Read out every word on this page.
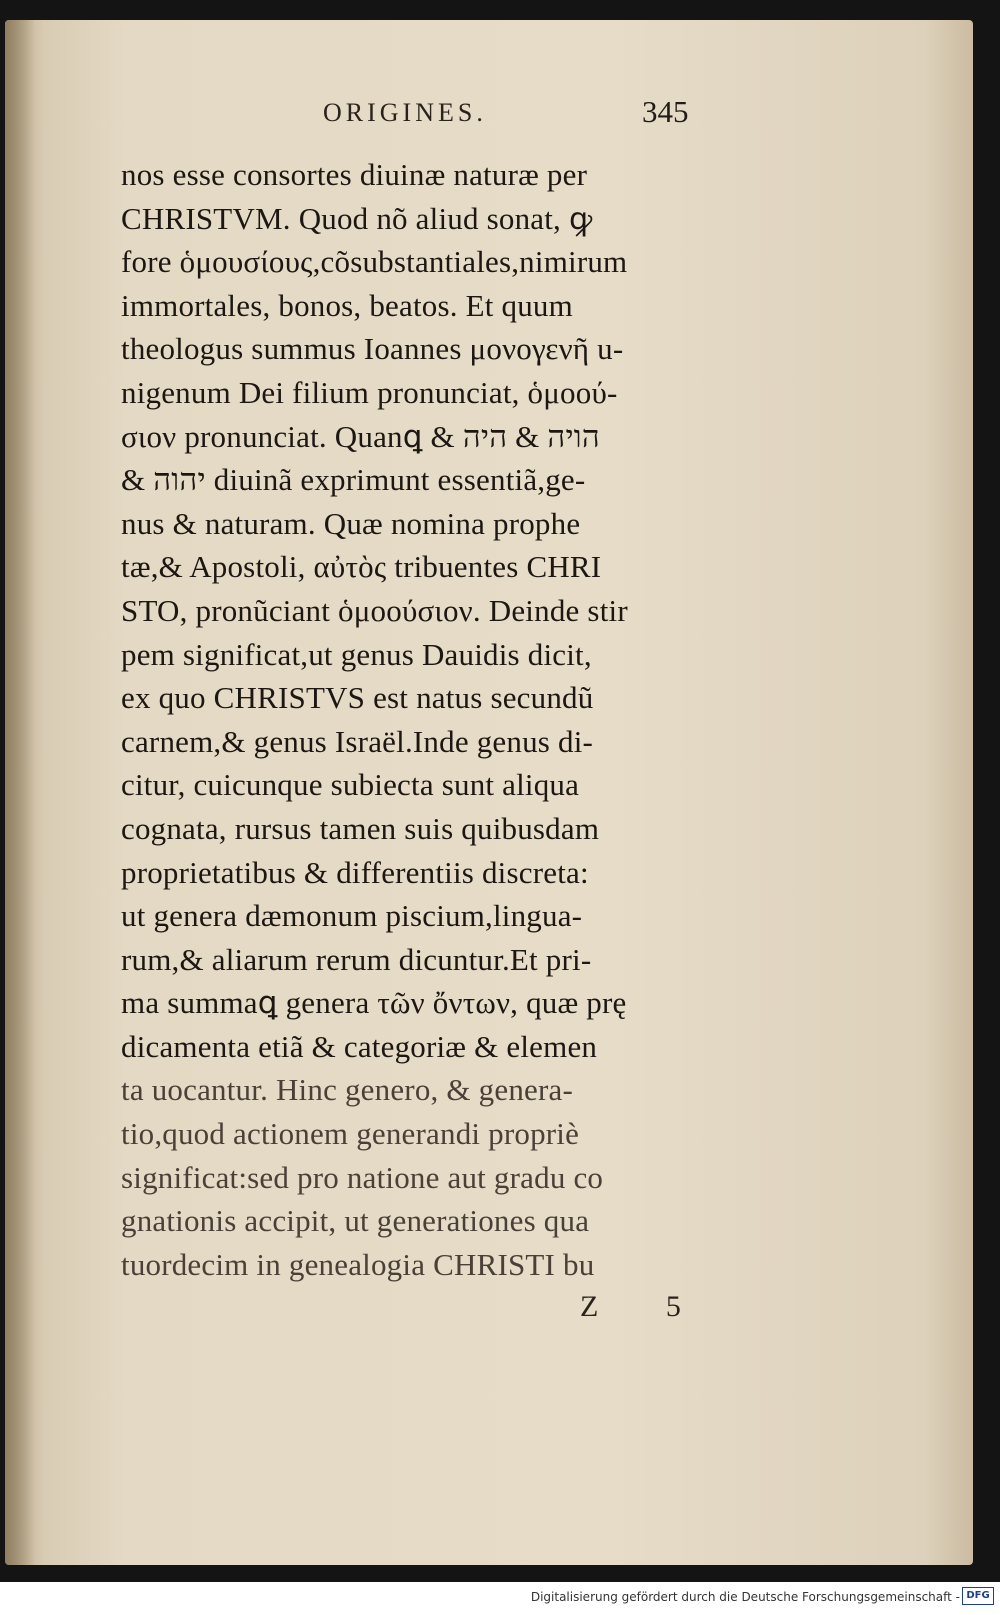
ORIGINES.	345
nos esse consortes diuinæ naturæ per
CHRISTVM. Quod nõ aliud sonat, ꝙ
fore ὁμουσίους,cõsubstantiales,nimirum
immortales, bonos, beatos. Et quum
theologus summus Ioannes μονογενῆ u-
nigenum Dei filium pronunciat, ὁμοού-
σιον pronunciat. Quanꝗ & הויה & היה
& יהוה diuinã exprimunt essentiã,ge-
nus & naturam. Quæ nomina prophe
tæ,& Apostoli, αὐτὸς tribuentes CHRI
STO, pronũciant ὁμοούσιον. Deinde stir
pem significat,ut genus Dauidis dicit,
ex quo CHRISTVS est natus secundũ
carnem,& genus Israël.Inde genus di-
citur, cuicunque subiecta sunt aliqua
cognata, rursus tamen suis quibusdam
proprietatibus & differentiis discreta:
ut genera dæmonum piscium,lingua-
rum,& aliarum rerum dicuntur.Et pri-
ma summaꝗ genera τῶν ὄντων, quæ prę
dicamenta etiã & categoriæ & elemen
ta uocantur. Hinc genero, & genera-
tio,quod actionem generandi propriè
significat:sed pro natione aut gradu co
gnationis accipit, ut generationes qua
tuordecim in genealogia CHRISTI bu
Z 5
Digitalisierung gefördert durch die Deutsche Forschungsgemeinschaft - DFG
